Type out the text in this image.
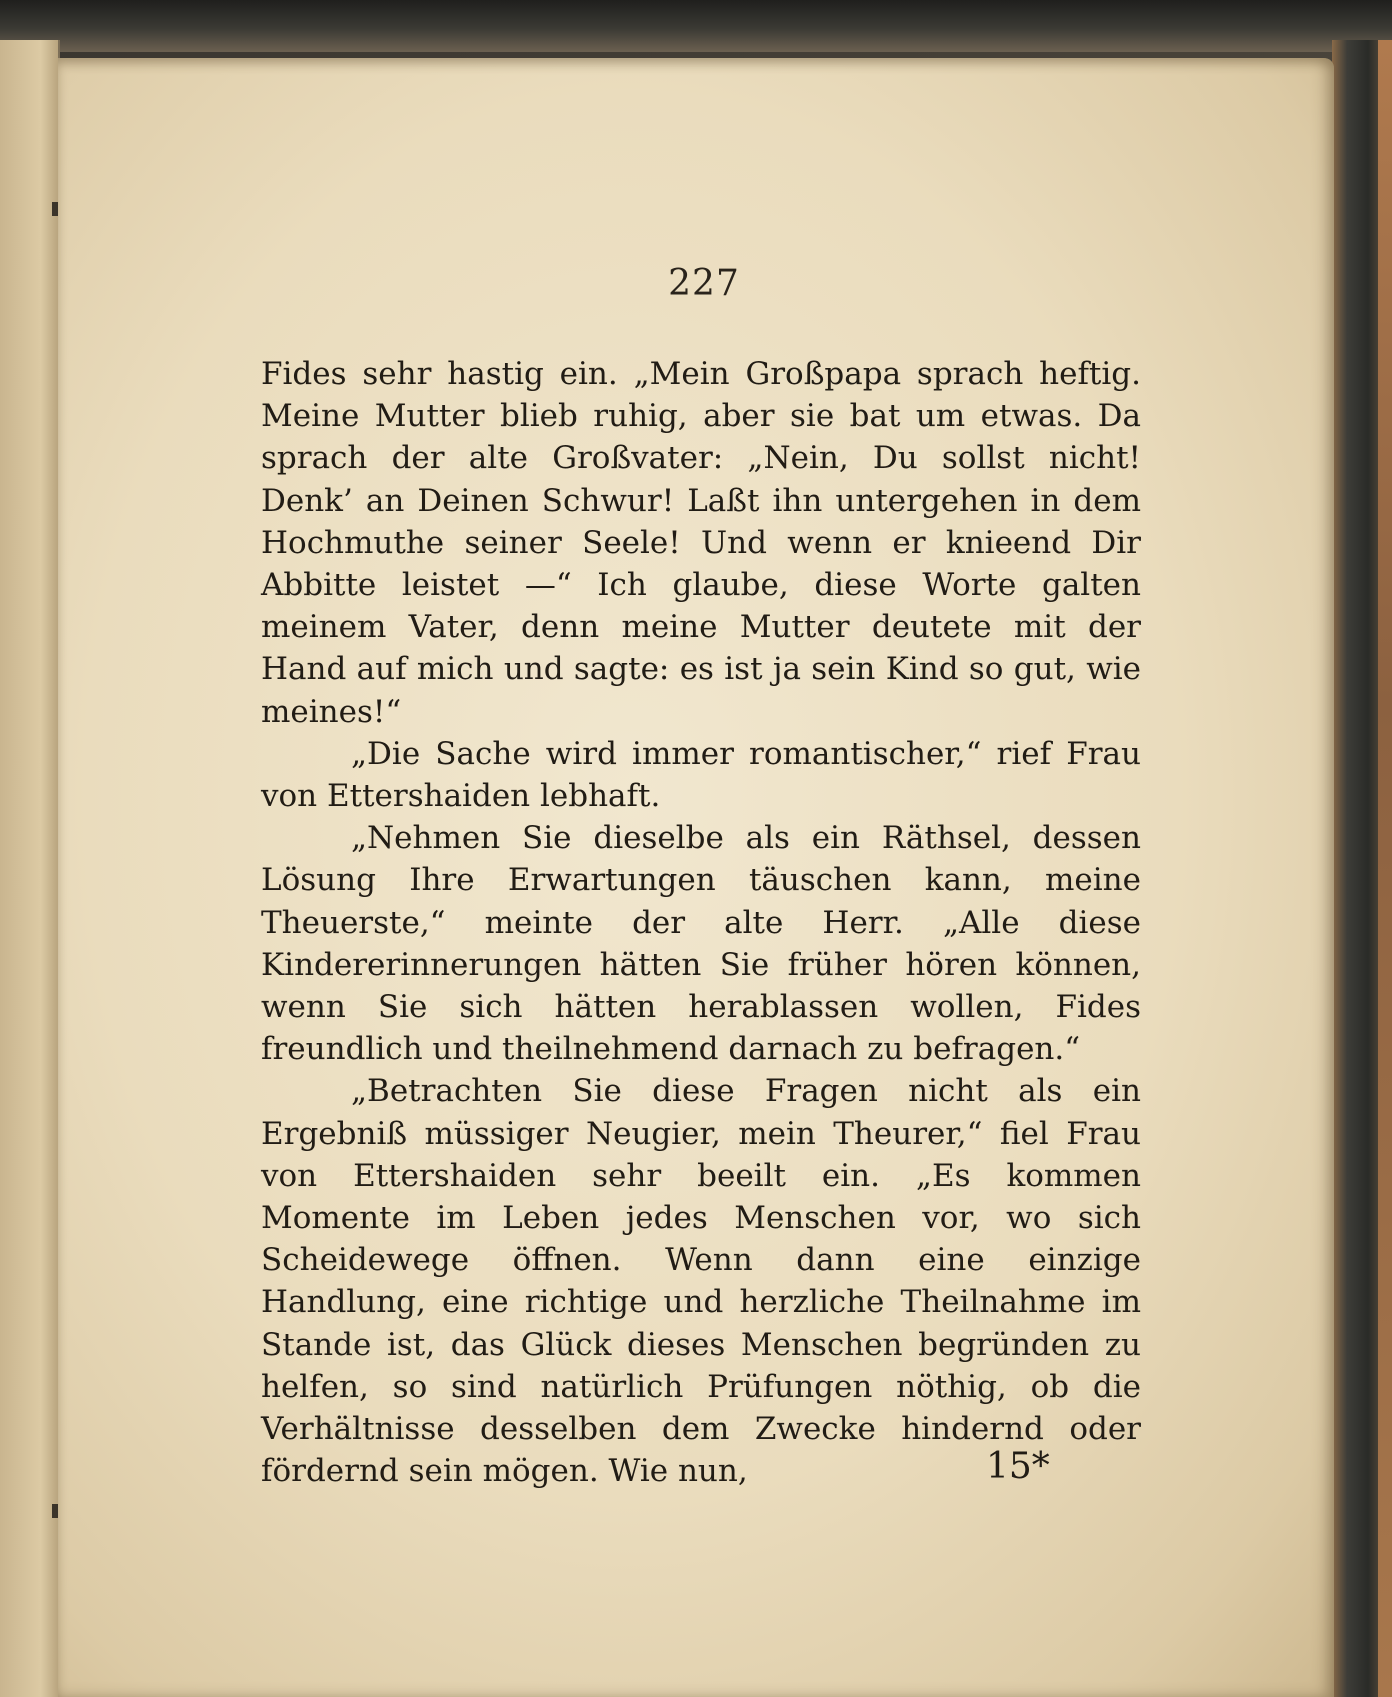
227

Fides sehr hastig ein. „Mein Großpapa sprach heftig. Meine Mutter blieb ruhig, aber sie bat um etwas. Da sprach der alte Großvater: „Nein, Du sollst nicht! Denk’ an Deinen Schwur! Laßt ihn untergehen in dem Hochmuthe seiner Seele! Und wenn er knieend Dir Abbitte leistet —“ Ich glaube, diese Worte galten meinem Vater, denn meine Mutter deutete mit der Hand auf mich und sagte: es ist ja sein Kind so gut, wie meines!“

„Die Sache wird immer romantischer,“ rief Frau von Ettershaiden lebhaft.

„Nehmen Sie dieselbe als ein Räthsel, dessen Lösung Ihre Erwartungen täuschen kann, meine Theuerste,“ meinte der alte Herr. „Alle diese Kindererinnerungen hätten Sie früher hören können, wenn Sie sich hätten herablassen wollen, Fides freundlich und theilnehmend darnach zu befragen.“

„Betrachten Sie diese Fragen nicht als ein Ergebniß müssiger Neugier, mein Theurer,“ fiel Frau von Ettershaiden sehr beeilt ein. „Es kommen Momente im Leben jedes Menschen vor, wo sich Scheidewege öffnen. Wenn dann eine einzige Handlung, eine richtige und herzliche Theilnahme im Stande ist, das Glück dieses Menschen begründen zu helfen, so sind natürlich Prüfungen nöthig, ob die Verhältnisse desselben dem Zwecke hindernd oder fördernd sein mögen. Wie nun,	15*
